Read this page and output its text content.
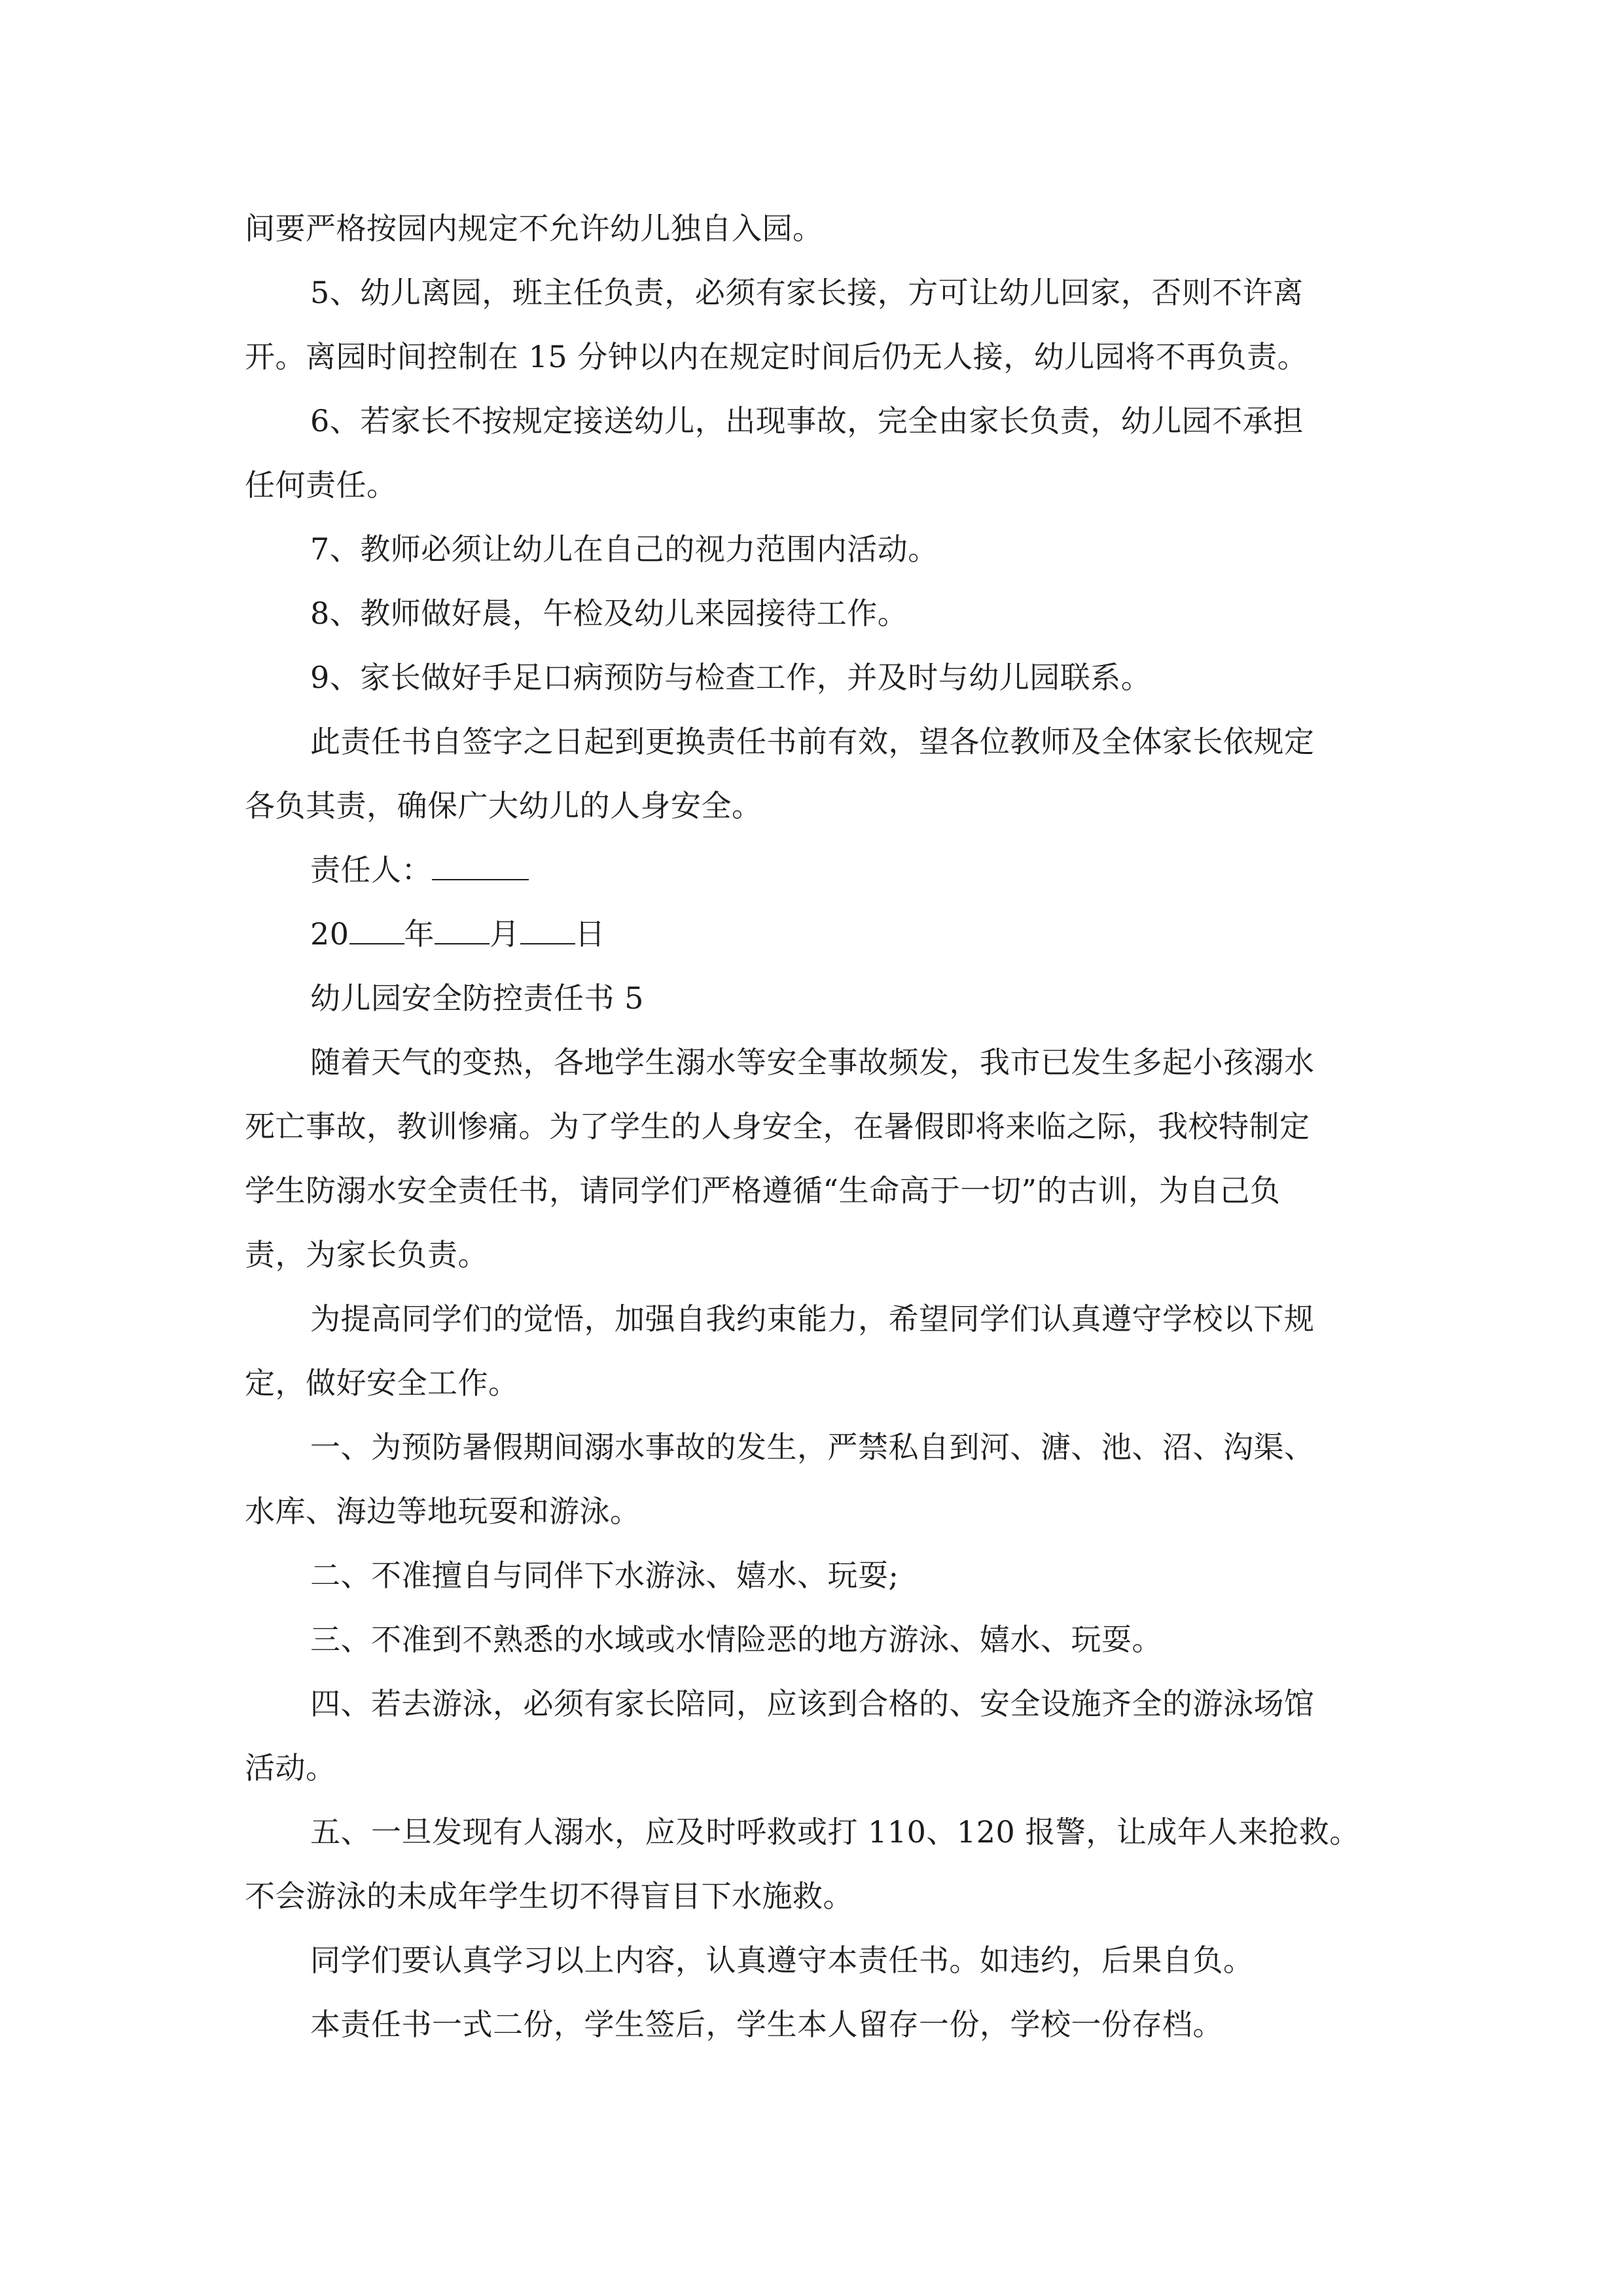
间要严格按园内规定不允许幼儿独自入园。
5、幼儿离园，班主任负责，必须有家长接，方可让幼儿回家，否则不许离
开。离园时间控制在 15 分钟以内在规定时间后仍无人接，幼儿园将不再负责。
6、若家长不按规定接送幼儿，出现事故，完全由家长负责，幼儿园不承担
任何责任。
7、教师必须让幼儿在自己的视力范围内活动。
8、教师做好晨，午检及幼儿来园接待工作。
9、家长做好手足口病预防与检查工作，并及时与幼儿园联系。
此责任书自签字之日起到更换责任书前有效，望各位教师及全体家长依规定
各负其责，确保广大幼儿的人身安全。
责任人：
20 年 月 日
幼儿园安全防控责任书 5
随着天气的变热，各地学生溺水等安全事故频发，我市已发生多起小孩溺水
死亡事故，教训惨痛。为了学生的人身安全，在暑假即将来临之际，我校特制定
学生防溺水安全责任书，请同学们严格遵循“生命高于一切”的古训，为自己负
责，为家长负责。
为提高同学们的觉悟，加强自我约束能力，希望同学们认真遵守学校以下规
定，做好安全工作。
一、为预防暑假期间溺水事故的发生，严禁私自到河、溏、池、沼、沟渠、
水库、海边等地玩耍和游泳。
二、不准擅自与同伴下水游泳、嬉水、玩耍;
三、不准到不熟悉的水域或水情险恶的地方游泳、嬉水、玩耍。
四、若去游泳，必须有家长陪同，应该到合格的、安全设施齐全的游泳场馆
活动。
五、一旦发现有人溺水，应及时呼救或打 110、120 报警，让成年人来抢救。
不会游泳的未成年学生切不得盲目下水施救。
同学们要认真学习以上内容，认真遵守本责任书。如违约，后果自负。
本责任书一式二份，学生签后，学生本人留存一份，学校一份存档。
